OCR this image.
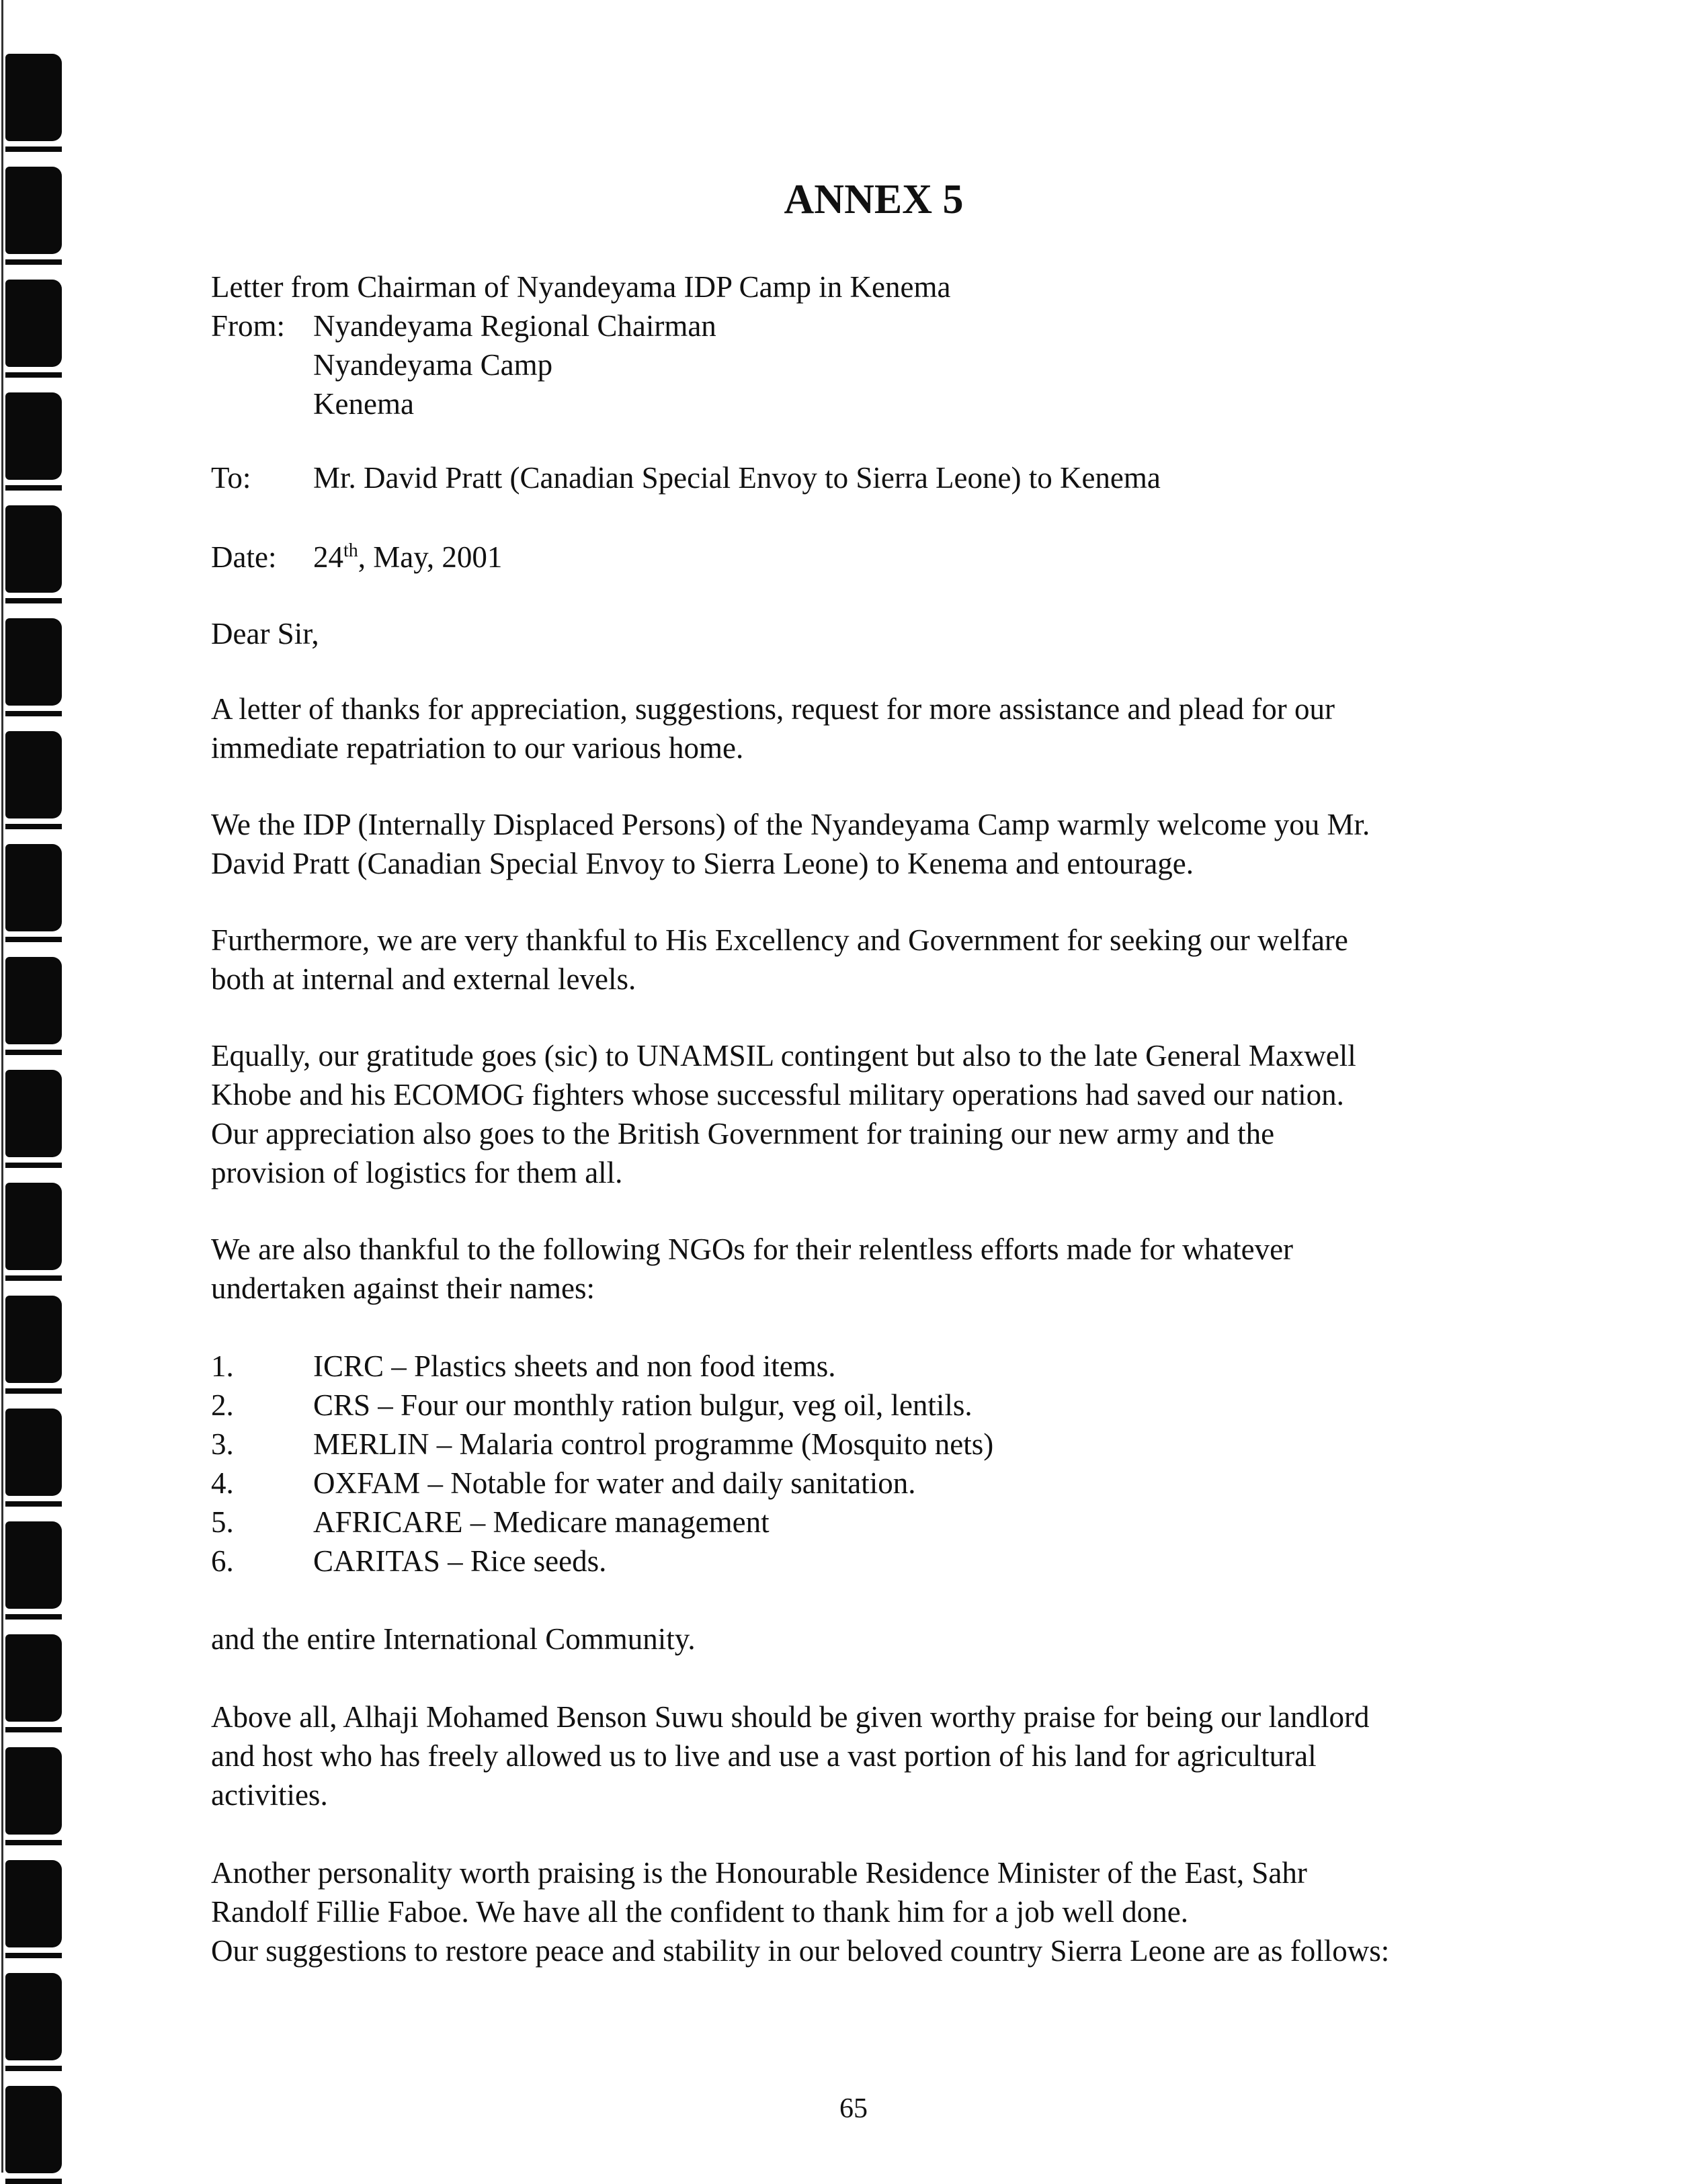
ANNEX 5
Letter from Chairman of Nyandeyama IDP Camp in Kenema
From: Nyandeyama Regional Chairman
Nyandeyama Camp
Kenema
To: Mr. David Pratt (Canadian Special Envoy to Sierra Leone) to Kenema
Date: 24th, May, 2001
Dear Sir,
A letter of thanks for appreciation, suggestions, request for more assistance and plead for our
immediate repatriation to our various home.
We the IDP (Internally Displaced Persons) of the Nyandeyama Camp warmly welcome you Mr.
David Pratt (Canadian Special Envoy to Sierra Leone) to Kenema and entourage.
Furthermore, we are very thankful to His Excellency and Government for seeking our welfare
both at internal and external levels.
Equally, our gratitude goes (sic) to UNAMSIL contingent but also to the late General Maxwell
Khobe and his ECOMOG fighters whose successful military operations had saved our nation.
Our appreciation also goes to the British Government for training our new army and the
provision of logistics for them all.
We are also thankful to the following NGOs for their relentless efforts made for whatever
undertaken against their names:
1.	ICRC – Plastics sheets and non food items.
2.	CRS – Four our monthly ration bulgur, veg oil, lentils.
3.	MERLIN – Malaria control programme (Mosquito nets)
4.	OXFAM – Notable for water and daily sanitation.
5.	AFRICARE – Medicare management
6.	CARITAS – Rice seeds.
and the entire International Community.
Above all, Alhaji Mohamed Benson Suwu should be given worthy praise for being our landlord
and host who has freely allowed us to live and use a vast portion of his land for agricultural
activities.
Another personality worth praising is the Honourable Residence Minister of the East, Sahr
Randolf Fillie Faboe. We have all the confident to thank him for a job well done.
Our suggestions to restore peace and stability in our beloved country Sierra Leone are as follows:
65
